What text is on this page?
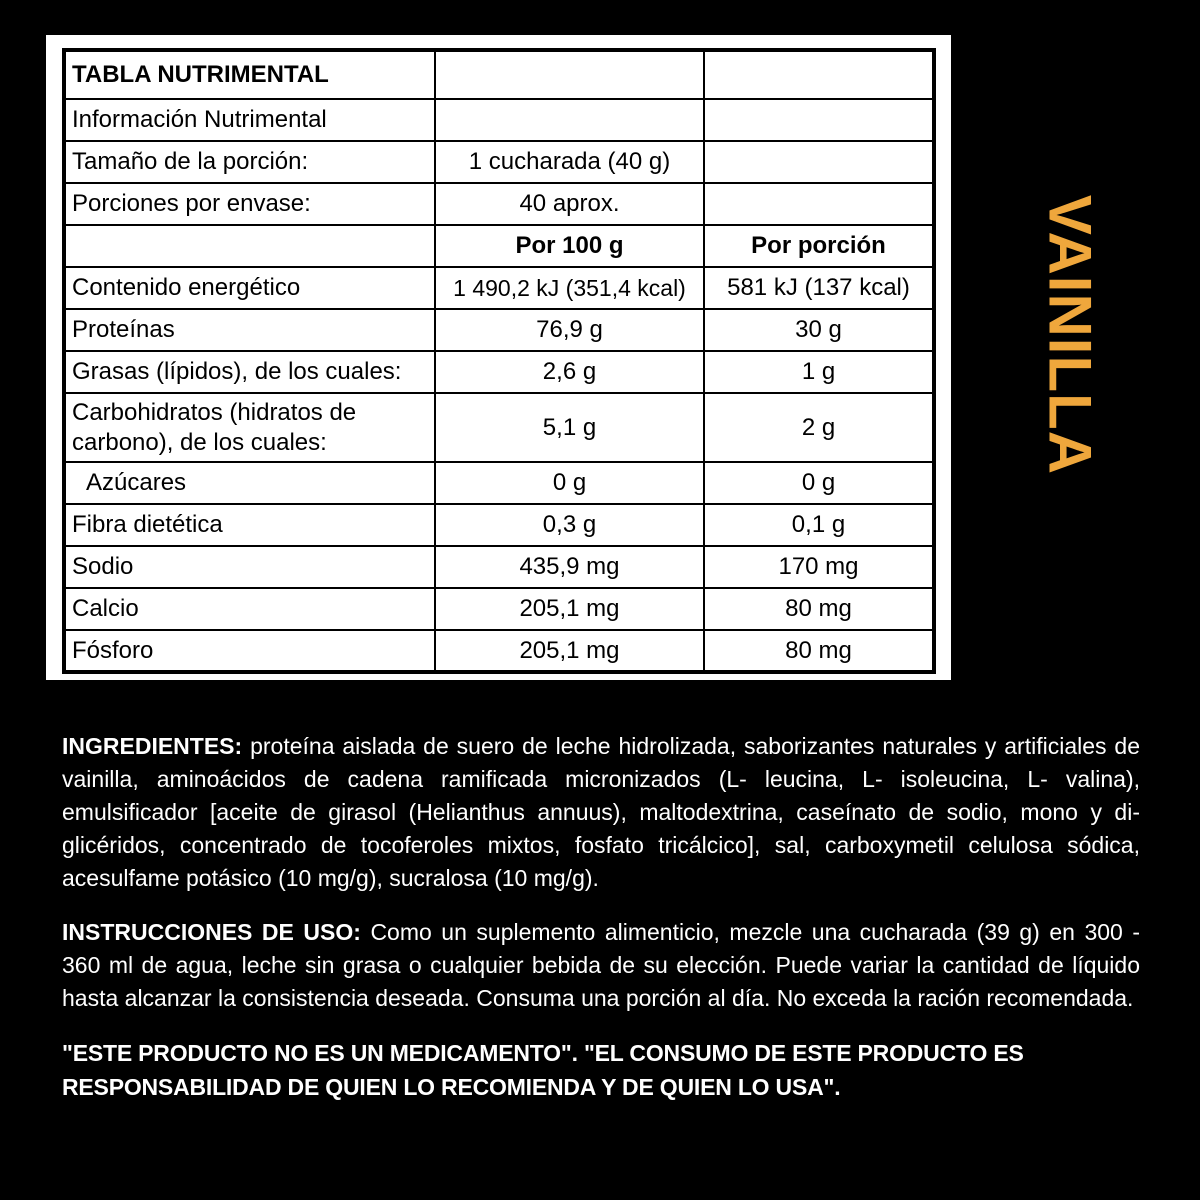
TABLA NUTRIMENTAL		
Información Nutrimental		
Tamaño de la porción:	1 cucharada (40 g)	
Porciones por envase:	40 aprox.	
	Por 100 g	Por porción
Contenido energético	1 490,2 kJ (351,4 kcal)	581 kJ (137 kcal)
Proteínas	76,9 g	30 g
Grasas (lípidos), de los cuales:	2,6 g	1 g
Carbohidratos (hidratos de carbono), de los cuales:	5,1 g	2 g
Azúcares	0 g	0 g
Fibra dietética	0,3 g	0,1 g
Sodio	435,9 mg	170 mg
Calcio	205,1 mg	80 mg
Fósforo	205,1 mg	80 mg
VAINILLA

INGREDIENTES: proteína aislada de suero de leche hidrolizada, saborizantes naturales y artificiales de vainilla, aminoácidos de cadena ramificada micronizados (L- leucina, L- isoleucina, L- valina), emulsificador [aceite de girasol (Helianthus annuus), maltodextrina, caseínato de sodio, mono y di-glicéridos, concentrado de tocoferoles mixtos, fosfato tricálcico], sal, carboxymetil celulosa sódica, acesulfame potásico (10 mg/g), sucralosa (10 mg/g).

INSTRUCCIONES DE USO: Como un suplemento alimenticio, mezcle una cucharada (39 g) en 300 - 360 ml de agua, leche sin grasa o cualquier bebida de su elección. Puede variar la cantidad de líquido hasta alcanzar la consistencia deseada. Consuma una porción al día. No exceda la ración recomendada.

"ESTE PRODUCTO NO ES UN MEDICAMENTO". "EL CONSUMO DE ESTE PRODUCTO ES RESPONSABILIDAD DE QUIEN LO RECOMIENDA Y DE QUIEN LO USA".
